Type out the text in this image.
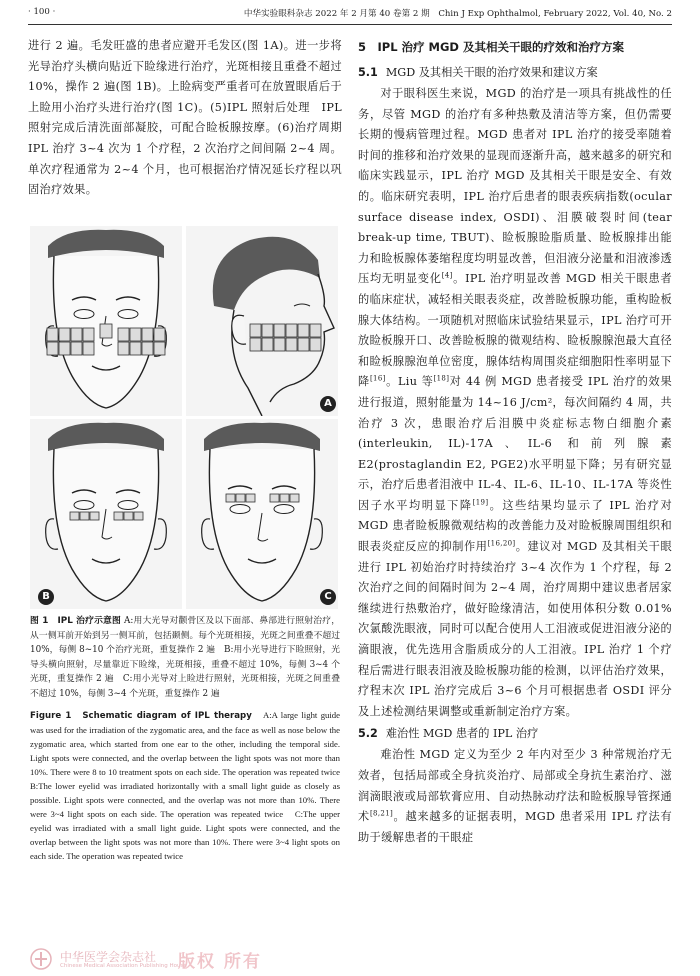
· 100 ·	中华实验眼科杂志 2022 年 2 月第 40 卷第 2 期　Chin J Exp Ophthalmol, February 2022, Vol. 40, No. 2

进行 2 遍。毛发旺盛的患者应避开毛发区(图 1A)。进一步将光导治疗头横向贴近下睑缘进行治疗，光斑相接且重叠不超过 10%，操作 2 遍(图 1B)。上睑病变严重者可在放置眼盾后于上睑用小治疗头进行治疗(图 1C)。(5)IPL 照射后处理　IPL 照射完成后清洗面部凝胶，可配合睑板腺按摩。(6)治疗周期　IPL 治疗 3~4 次为 1 个疗程，2 次治疗之间间隔 2~4 周。单次疗程通常为 2~4 个月，也可根据治疗情况延长疗程以巩固治疗效果。

A
B	C

图 1　IPL 治疗示意图 A:用大光导对颧骨区及以下面部、鼻部进行照射治疗，从一侧耳前开始到另一侧耳前，包括颞侧。每个光斑相接，光斑之间重叠不超过 10%，每侧 8~10 个治疗光斑，重复操作 2 遍　B:用小光导进行下睑照射，光导头横向照射，尽量靠近下睑缘，光斑相接，重叠不超过 10%，每侧 3~4 个光斑，重复操作 2 遍　C:用小光导对上睑进行照射，光斑相接，光斑之间重叠不超过 10%，每侧 3~4 个光斑，重复操作 2 遍

Figure 1　Schematic diagram of IPL therapy　 A:A large light guide was used for the irradiation of the zygomatic area, and the face as well as nose below the zygomatic area, which started from one ear to the other, including the temporal side. Light spots were connected, and the overlap between the light spots was not more than 10%. There were 8 to 10 treatment spots on each side. The operation was repeated twice　B:The lower eyelid was irradiated horizontally with a small light guide as closely as possible. Light spots were connected, and the overlap was not more than 10%. There were 3~4 light spots on each side. The operation was repeated twice　C:The upper eyelid was irradiated with a small light guide. Light spots were connected, and the overlap between the light spots was not more than 10%. There were 3~4 light spots on each side. The operation was repeated twice

5　IPL 治疗 MGD 及其相关干眼的疗效和治疗方案
5.1 MGD 及其相关干眼的治疗效果和建议方案

对于眼科医生来说，MGD 的治疗是一项具有挑战性的任务，尽管 MGD 的治疗有多种热敷及清洁等方案，但仍需要长期的慢病管理过程。MGD 患者对 IPL 治疗的接受率随着时间的推移和治疗效果的显现而逐渐升高，越来越多的研究和临床实践显示，IPL 治疗 MGD 及其相关干眼是安全、有效的。临床研究表明，IPL 治疗后患者的眼表疾病指数(ocular surface disease index, OSDI)、泪膜破裂时间(tear break-up time, TBUT)、睑板腺睑脂质量、睑板腺排出能力和睑板腺体萎缩程度均明显改善，但泪液分泌量和泪液渗透压均无明显变化[4]。IPL 治疗明显改善 MGD 相关干眼患者的临床症状，减轻相关眼表炎症，改善睑板腺功能，重构睑板腺大体结构。一项随机对照临床试验结果显示，IPL 治疗可开放睑板腺开口、改善睑板腺的微观结构、睑板腺腺泡最大直径和睑板腺腺泡单位密度，腺体结构周围炎症细胞阳性率明显下降[16]。Liu 等[18]对 44 例 MGD 患者接受 IPL 治疗的效果进行报道，照射能量为 14~16 J/cm²，每次间隔约 4 周，共治疗 3 次，患眼治疗后泪膜中炎症标志物白细胞介素(interleukin, IL)-17A、IL-6 和前列腺素 E2(prostaglandin E2, PGE2)水平明显下降；另有研究显示，治疗后患者泪液中 IL-4、IL-6、IL-10、IL-17A 等炎性因子水平均明显下降[19]。这些结果均显示了 IPL 治疗对 MGD 患者睑板腺微观结构的改善能力及对睑板腺周围组织和眼表炎症反应的抑制作用[16,20]。建议对 MGD 及其相关干眼进行 IPL 初始治疗时持续治疗 3~4 次作为 1 个疗程，每 2 次治疗之间的间隔时间为 2~4 周，治疗周期中建议患者居家继续进行热敷治疗，做好睑缘清洁，如使用体积分数 0.01% 次氯酸洗眼液，同时可以配合使用人工泪液或促进泪液分泌的滴眼液，优先选用含脂质成分的人工泪液。IPL 治疗 1 个疗程后需进行眼表泪液及睑板腺功能的检测，以评估治疗效果，疗程末次 IPL 治疗完成后 3~6 个月可根据患者 OSDI 评分及上述检测结果调整或重新制定治疗方案。

5.2 难治性 MGD 患者的 IPL 治疗

难治性 MGD 定义为至少 2 年内对至少 3 种常规治疗无效者，包括局部或全身抗炎治疗、局部或全身抗生素治疗、滋润滴眼液或局部软膏应用、自动热脉动疗法和睑板腺导管探通术[8,21]。越来越多的证据表明，MGD 患者采用 IPL 疗法有助于缓解患者的干眼症

中华医学会杂志社
Chinese Medical Association Publishing House
版权 所有
